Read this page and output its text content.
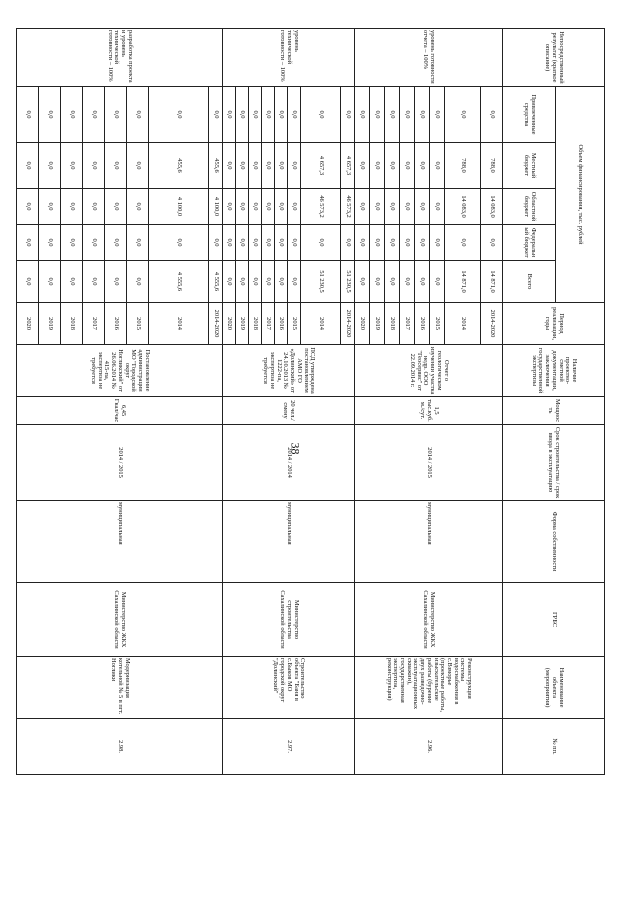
38
Непосредственный результат (краткое описание)	Объем финансирования, тыс. рублей					Период реализации, годы	Наличие проектно-сметной документации, заключения государственной экспертизы	Мощность	Срок строительства / срок ввода в эксплуатацию	Форма собственности	ГРБС	Наименование объекта (мероприятия)	№ пп.
	Привлеченные средства	Местный бюджет	Областной бюджет	Федеральный бюджет	Всего								
уровень готовности отчета – 100%	0,0	788,0	14 083,0	0,0	14 871,0	2014-2020	Отчет о геологическом изучении участка недр. ООО "Геосервис" от 22.09.2014 г.	1,5 тыс.куб.м./сут.	2014 / 2015	муниципальная	Министерство ЖКХ Сахалинской области	Реконструкция системы водоснабжения в с.Взморье (проектные работы, изыскательские работы (бурение двух разведочно-эксплуатационных скважин), государственная экспертиза, реконструкция)	2.96.
	0,0	788,0	14 083,0	0,0	14 871,0	2014							
	0,0	0,0	0,0	0,0	0,0	2015							
	0,0	0,0	0,0	0,0	0,0	2016							
	0,0	0,0	0,0	0,0	0,0	2017							
	0,0	0,0	0,0	0,0	0,0	2018							
	0,0	0,0	0,0	0,0	0,0	2019							
	0,0	0,0	0,0	0,0	0,0	2020							
уровень технической готовности – 100%	0,0	4 657,3	46 573,2	0,0	51 230,5	2014-2020	ПСД утверждена постановлением АМО ГО «Долинский» от 24.10.2013 № 1222-па, экспертиза не требуется	20 чел./смену	2014 / 2014	муниципальная	Министерство строительства Сахалинской области	Строительство объекта "Баня в с.Быков МО городской округ "Долинский"	2.97.
	0,0	4 657,3	46 573,2	0,0	51 230,5	2014							
	0,0	0,0	0,0	0,0	0,0	2015							
	0,0	0,0	0,0	0,0	0,0	2016							
	0,0	0,0	0,0	0,0	0,0	2017							
	0,0	0,0	0,0	0,0	0,0	2018							
	0,0	0,0	0,0	0,0	0,0	2019							
	0,0	0,0	0,0	0,0	0,0	2020							
разработка проекта и уровень технической готовности – 100%	0,0	455,6	4 100,0	0,0	4 555,6	2014-2020	Постановление администрации МО "Городской округ Ногликский" от 26.06.2014 № 415-па, экспертиза не требуется	6,45 Гкал/час	2014 / 2015	муниципальная	Министерство ЖКХ Сахалинской области	Модернизация котельной № 5 в пгт. Ноглики	2.98.
	0,0	455,6	4 100,0	0,0	4 555,6	2014							
	0,0	0,0	0,0	0,0	0,0	2015							
	0,0	0,0	0,0	0,0	0,0	2016							
	0,0	0,0	0,0	0,0	0,0	2017							
	0,0	0,0	0,0	0,0	0,0	2018							
	0,0	0,0	0,0	0,0	0,0	2019							
	0,0	0,0	0,0	0,0	0,0	2020							
